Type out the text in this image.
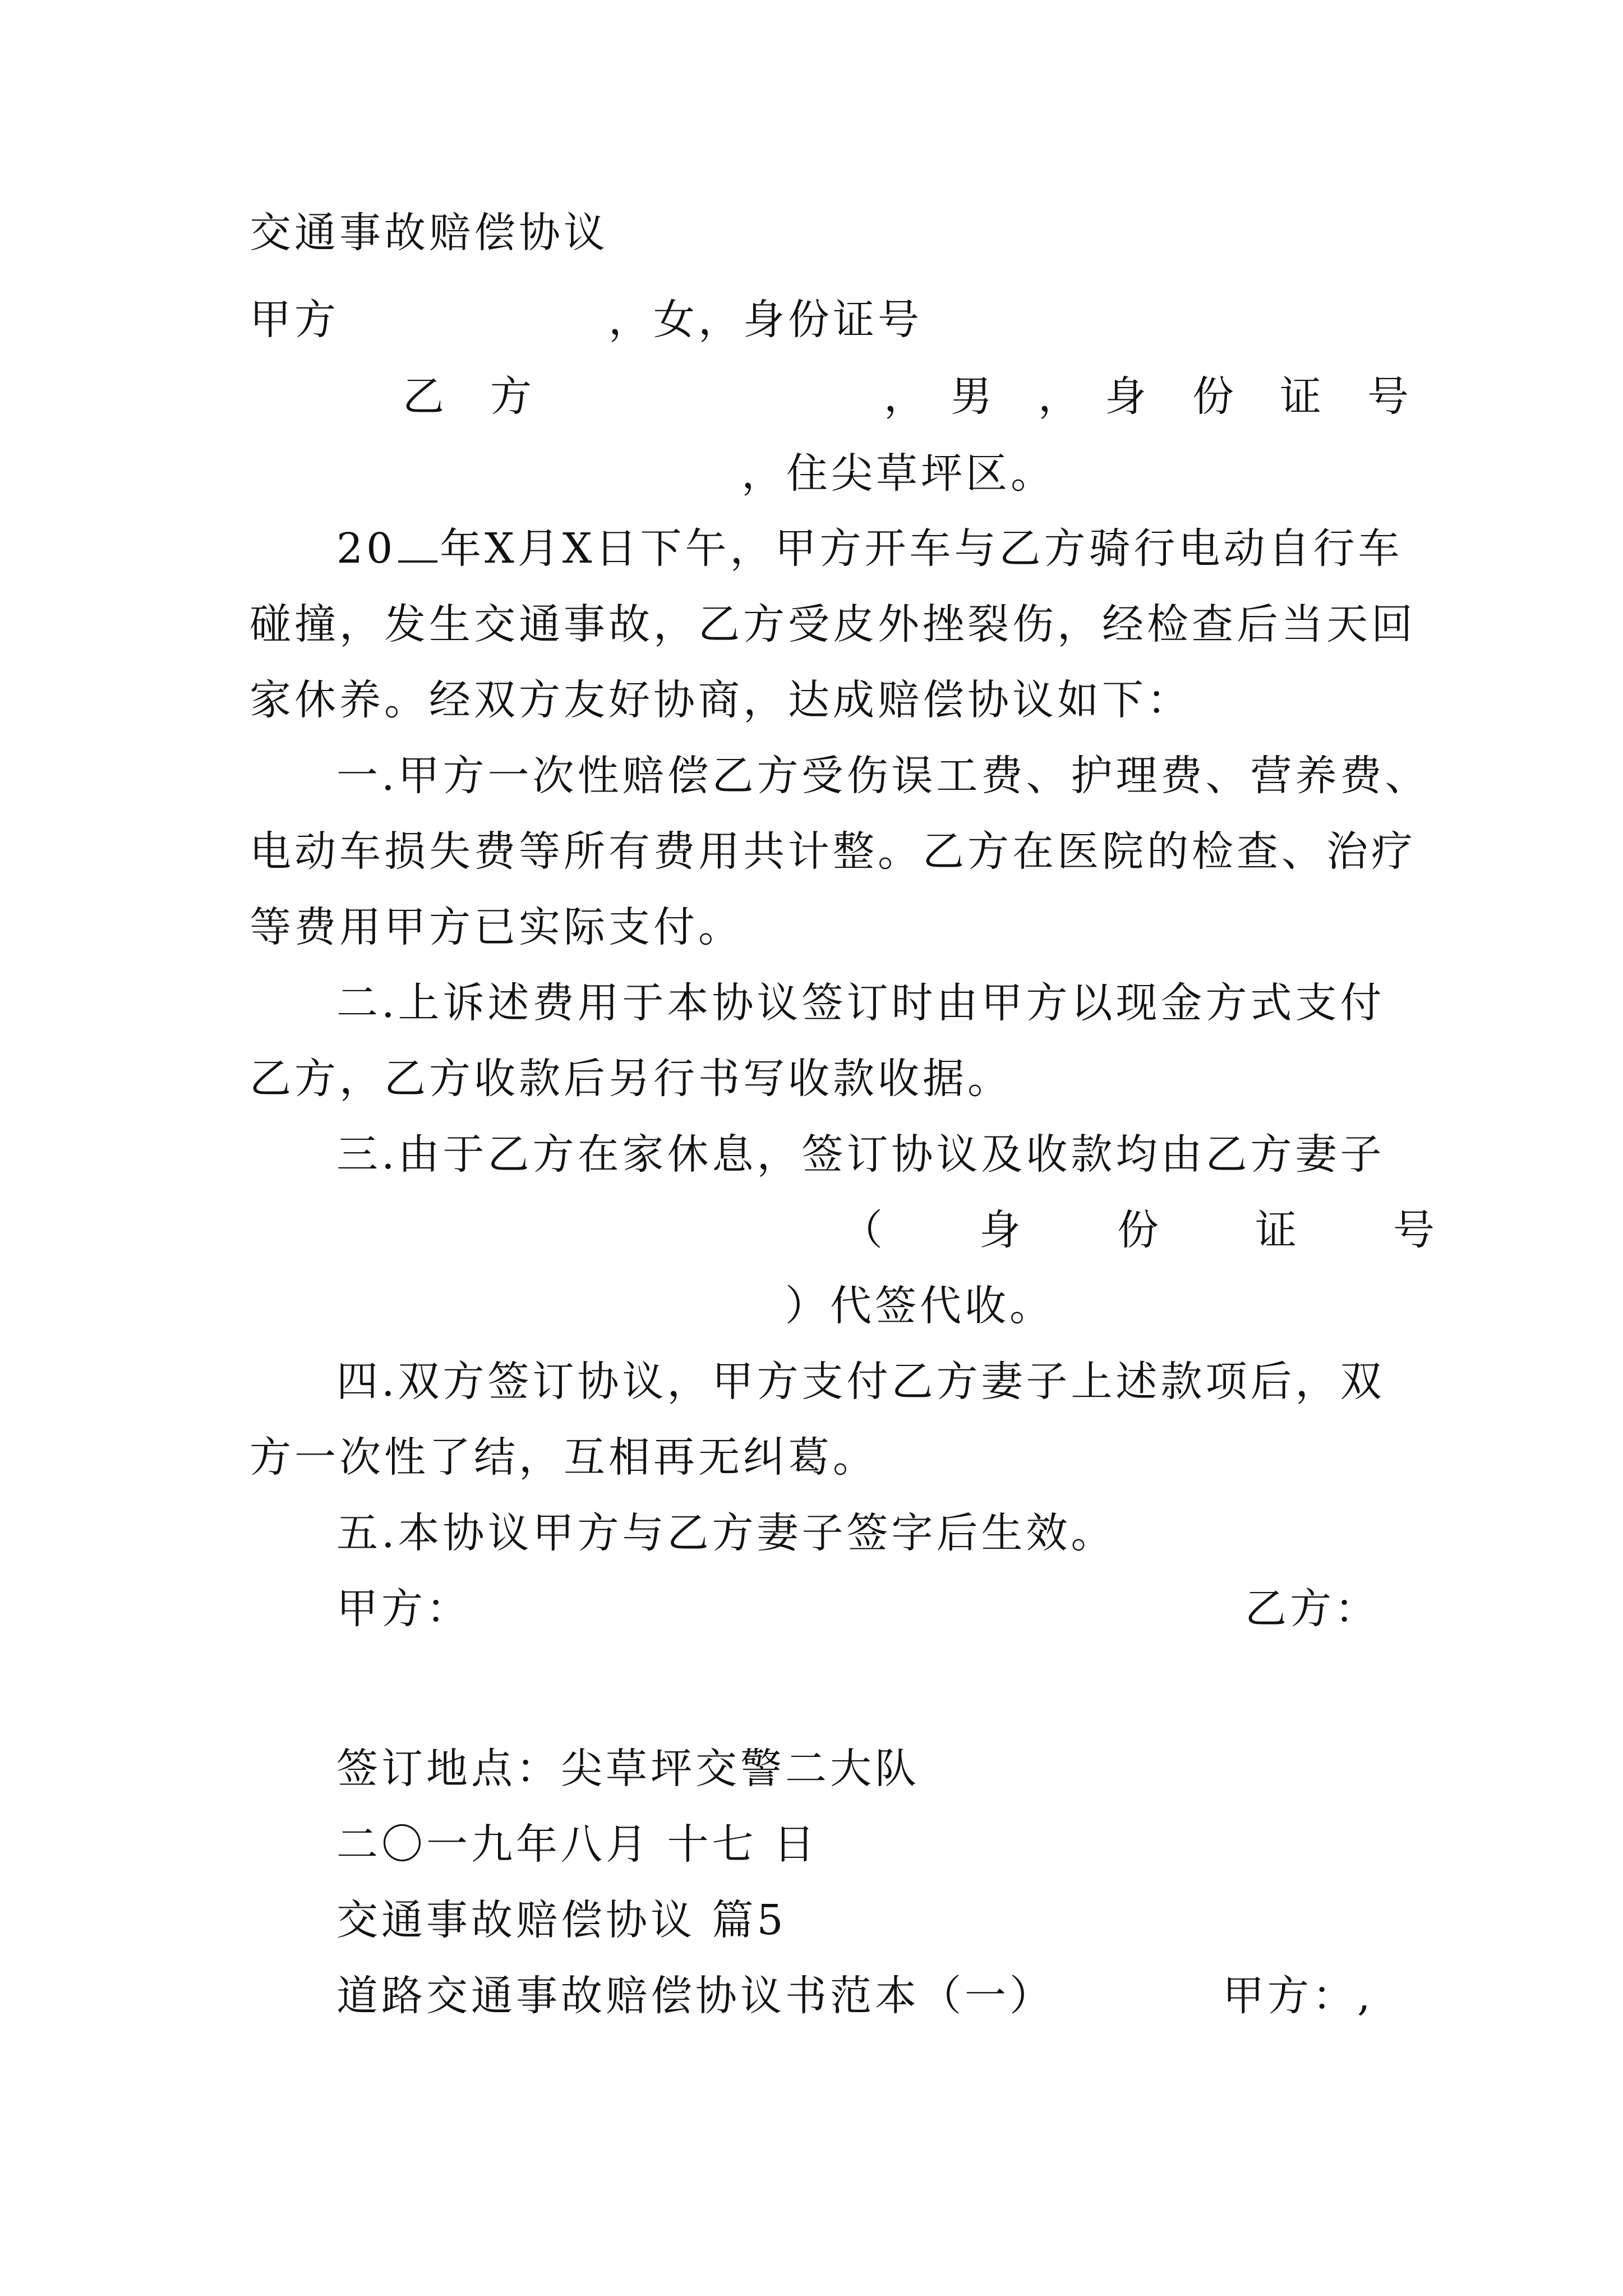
交通事故赔偿协议
甲方　　　　　　，女，身份证号
乙　方　　　　　　　　，　男　，　身　份　证　号
，住尖草坪区。
20 年X月X日下午，甲方开车与乙方骑行电动自行车
碰撞，发生交通事故，乙方受皮外挫裂伤，经检查后当天回
家休养。经双方友好协商，达成赔偿协议如下：
一.甲方一次性赔偿乙方受伤误工费、护理费、营养费、
电动车损失费等所有费用共计整。乙方在医院的检查、治疗
等费用甲方已实际支付。
二.上诉述费用于本协议签订时由甲方以现金方式支付
乙方，乙方收款后另行书写收款收据。
三.由于乙方在家休息，签订协议及收款均由乙方妻子
（　　身　　份　　证　　号
）代签代收。
四.双方签订协议，甲方支付乙方妻子上述款项后，双
方一次性了结，互相再无纠葛。
五.本协议甲方与乙方妻子签字后生效。
甲方：	乙方：
签订地点：尖草坪交警二大队
二〇一九年八月 十七 日
交通事故赔偿协议 篇5
道路交通事故赔偿协议书范本（一）	甲方：,
